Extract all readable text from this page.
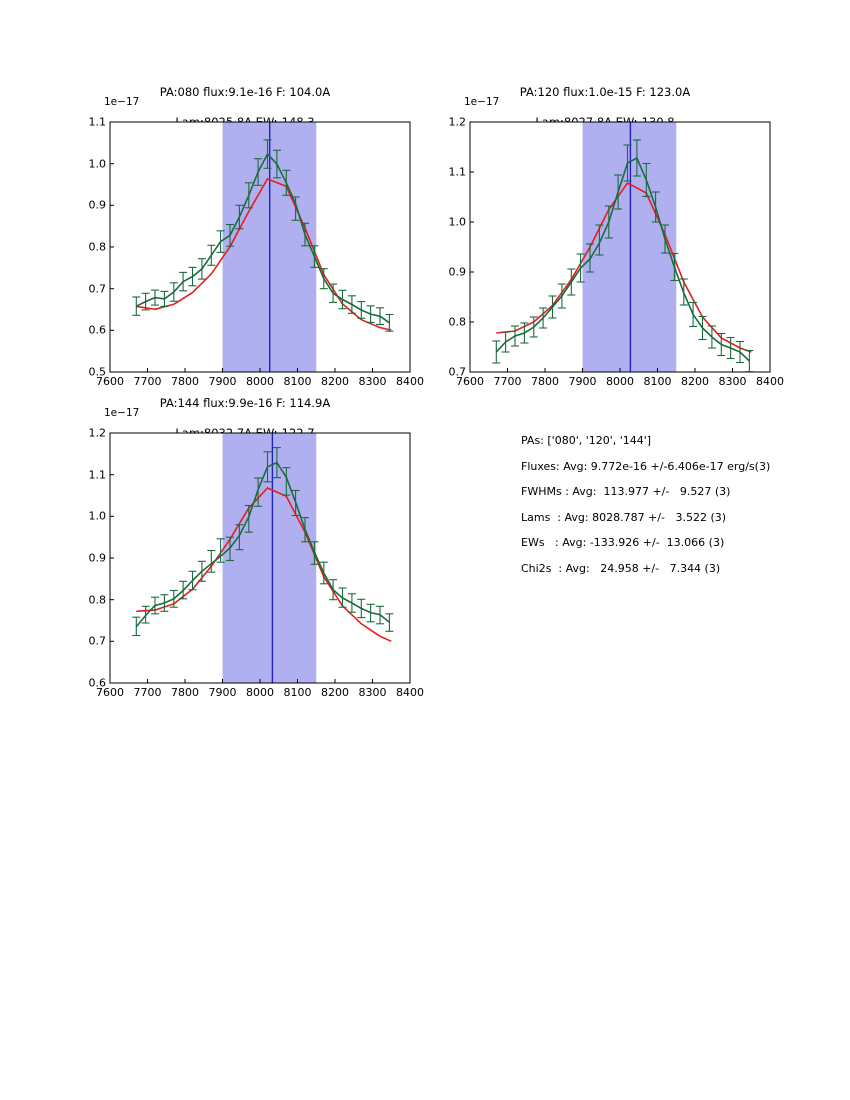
PA:080 flux:9.1e-16 F: 104.0A

1e−17
0.5
0.6
0.7
0.8
0.9
1.0
1.1
7600 7700 7800 7900 8000 8100 8200 8300 8400

PA:120 flux:1.0e-15 F: 123.0A

1e−17
0.7
0.8
0.9
1.0
1.1
1.2
7600 7700 7800 7900 8000 8100 8200 8300 8400

PA:144 flux:9.9e-16 F: 114.9A

1e−17
0.6
0.7
0.8
0.9
1.0
1.1
1.2
7600 7700 7800 7900 8000 8100 8200 8300 8400
PAs: ['080', '120', '144']
Fluxes: Avg: 9.772e-16 +/-6.406e-17 erg/s(3)
FWHMs : Avg:  113.977 +/-   9.527 (3)
Lams  : Avg: 8028.787 +/-   3.522 (3)
EWs   : Avg: -133.926 +/-  13.066 (3)
Chi2s  : Avg:   24.958 +/-   7.344 (3)
